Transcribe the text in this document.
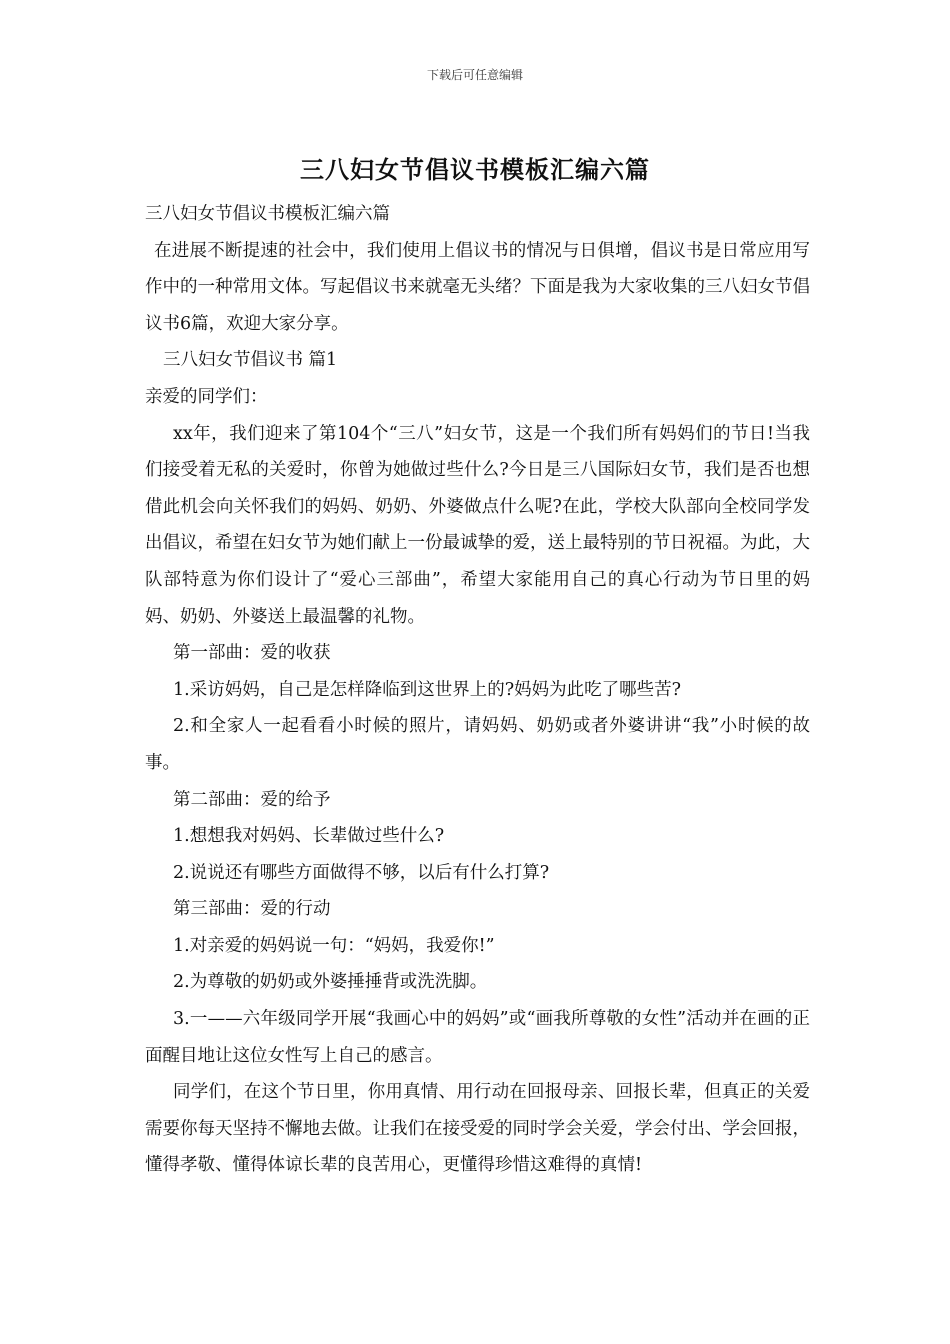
下载后可任意编辑
三八妇女节倡议书模板汇编六篇

三八妇女节倡议书模板汇编六篇

在进展不断提速的社会中，我们使用上倡议书的情况与日俱增，倡议书是日常应用写作中的一种常用文体。写起倡议书来就毫无头绪？下面是我为大家收集的三八妇女节倡议书6篇，欢迎大家分享。

三八妇女节倡议书 篇1

亲爱的同学们：

xx年，我们迎来了第104个“三八”妇女节，这是一个我们所有妈妈们的节日!当我们接受着无私的关爱时，你曾为她做过些什么?今日是三八国际妇女节，我们是否也想借此机会向关怀我们的妈妈、奶奶、外婆做点什么呢?在此，学校大队部向全校同学发出倡议，希望在妇女节为她们献上一份最诚挚的爱，送上最特别的节日祝福。为此，大队部特意为你们设计了“爱心三部曲”，希望大家能用自己的真心行动为节日里的妈妈、奶奶、外婆送上最温馨的礼物。

第一部曲：爱的收获

1.采访妈妈，自己是怎样降临到这世界上的?妈妈为此吃了哪些苦?

2.和全家人一起看看小时候的照片，请妈妈、奶奶或者外婆讲讲“我”小时候的故事。

第二部曲：爱的给予

1.想想我对妈妈、长辈做过些什么?

2.说说还有哪些方面做得不够，以后有什么打算?

第三部曲：爱的行动

1.对亲爱的妈妈说一句：“妈妈，我爱你!”

2.为尊敬的奶奶或外婆捶捶背或洗洗脚。

3.一——六年级同学开展“我画心中的妈妈”或“画我所尊敬的女性”活动并在画的正面醒目地让这位女性写上自己的感言。

同学们，在这个节日里，你用真情、用行动在回报母亲、回报长辈，但真正的关爱需要你每天坚持不懈地去做。让我们在接受爱的同时学会关爱，学会付出、学会回报，懂得孝敬、懂得体谅长辈的良苦用心，更懂得珍惜这难得的真情!
